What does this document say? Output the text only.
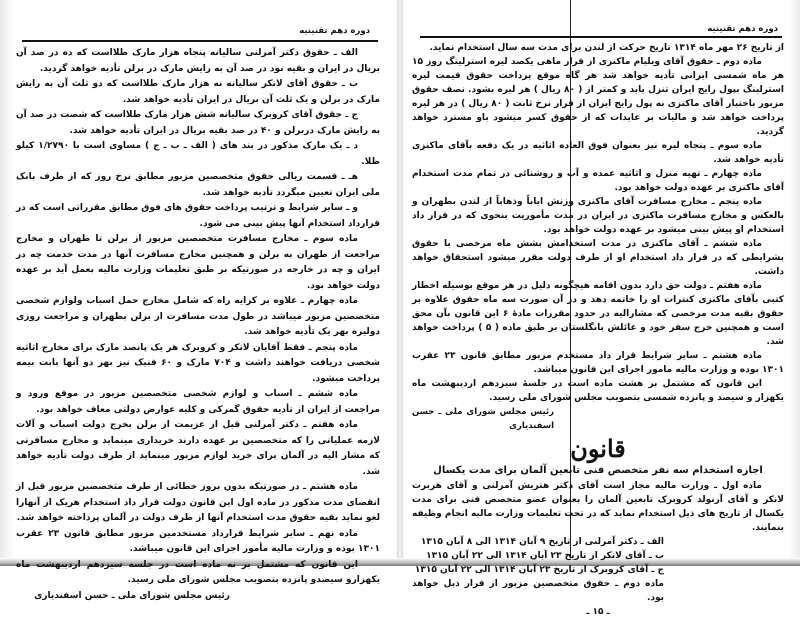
دوره دهم تقنینیه

الف ـ حقوق دکتر آمرلنی سالیانه پنجاه هزار مارک طلااست که ده در صد آن بریال در ایران و بقیه نود در صد آن به رایش مارک در برلن تأدیه خواهد گردید.

ب ـ حقوق آقای لانکر سالیانه نه هزار مارک طلااست که دو ثلث آن به رایش مارک در برلن و یک ثلث آن بریال در ایران تأدیه خواهد شد.

ج ـ حقوق آقای کروبرک سالیانه شش هزار مارک طلااست که شصت در صد آن به رایش مارک دربرلن و ۴۰ در صد بقیه بریال در ایران تأدیه خواهد شد.

د ـ یک مارک مذکور در بند های ( الف ـ ب ـ ج ) مساوی است با ۱/۲۷۹۰ کیلو طلا.

هـ ـ قسمت ریالی حقوق متخصصین مزبور مطابق نرخ روز که از طرف بانک ملی ایران تعیین میگردد تأدیه خواهد شد.

و ـ سایر شرایط و ترتیب پرداخت حقوق های فوق مطابق مقرراتی است که در قرارداد استخدام آنها پیش بینی می شود.

ماده سوم ـ مخارج مسافرت متخصصین مزبور از برلن تا طهران و مخارج مراجعت از طهران به برلن و همچنین مخارج مسافرت آنها در مدت خدمت چه در ایران و چه در خارجه در صورتیکه بر طبق تعلیمات وزارت مالیه بعمل آید بر عهده دولت خواهد بود.

ماده چهارم ـ علاوه بر کرایه راه که شامل مخارج حمل اسباب ولوازم شخصی متخصصین مزبور میباشد در طول مدت مسافرت از برلن بطهران و مراجعت روزی دولیره بهر یک تأدیه خواهد شد.

ماده پنجم ـ فقط آقایان لانکر و کروبرک هر یک پانصد مارک برای مخارج اثاثیه شخصی دریافت خواهند داشت و ۷۰۴ مارک و ۶۰ فنیک نیز بهر دو آنها بابت بیمه پرداخت میشود.

ماده ششم ـ اسباب و لوازم شخصی متخصصین مزبور در موقع ورود و مراجعت از ایران از تأدیه حقوق گمرکی و کلیه عوارض دولتی معاف خواهد بود.

ماده هفتم ـ دکتر آمرلنی قبل از عزیمت از برلن بخرج دولت اسباب و آلات لازمه عملیاتی را که متخصصین بر عهده دارند خریداری مینماید و مخارج مسافرتی که مشار الیه در آلمان برای خرید لوازم مزبور مینماید از طرف دولت تأدیه خواهد شد.

ماده هشتم ـ در صورتیکه بدون بروز خطائی از طرف متخصصین مزبور قبل از انقضای مدت مذکور در ماده اول این قانون دولت قرار داد استخدام هریک از آنهارا لغو نماید بقیه حقوق مدت استخدام آنها از طرف دولت در آلمان پرداخته خواهد شد.

ماده نهم ـ سایر شرایط قرارداد مستخدمین مزبور مطابق قانون ۲۳ عقرب ۱۳۰۱ بوده و وزارت مالیه مأمور اجرای این قانون میباشد.

این قانون که مشتمل بر نه ماده است در جلسه سیزدهم اردیبهشت ماه یکهزارو سیصدو پانزده بتصویب مجلس شورای ملی رسید.

رئیس مجلس شورای ملی ـ حسن اسفندیاری

دوره دهم تقنینیه

از تاریخ ۲۶ مهر ماه ۱۳۱۴ تاریخ حرکت از لندن برای مدت سه سال استخدام نماید.

ماده دوم ـ حقوق آقای ویلیام ماکنزی از قرار ماهی یکصد لیره استرلینگ روز ۱۵ هر ماه شمسی ایرانی تأدیه خواهد شد هر گاه موقع پرداخت حقوق قیمت لیره استرلینگ بپول رایج ایران تنزل یابد و کمتر از ( ۸۰ ریال ) هر لیره بشود. نصف حقوق مزبور باختیار آقای ماکنزی به پول رایج ایران از قرار نرخ ثابت ( ۸۰ ریال ) در هر لیره پرداخت خواهد شد و مالیات بر عایدات که از حقوق کسر میشود باو مسترد خواهد گردید.

ماده سوم ـ پنجاه لیره نیز بعنوان فوق العاده اثاثیه در یک دفعه بآقای ماکنزی تأدیه خواهد شد.

ماده چهارم ـ تهیه منزل و اثاثیه عمده و آب و روشنائی در تمام مدت استخدام آقای ماکنزی بر عهده دولت خواهد بود.

ماده پنجم ـ مخارج مسافرت آقای ماکنزی وزنش ایاباً وذهاباً از لندن بطهران و بالعکس و مخارج مسافرت ماکنزی در ایران در مدت مأموریت بنحوی که در قرار داد استخدام او پیش بینی میشود بر عهده دولت خواهد بود.

ماده ششم ـ آقای ماکنزی در مدت استخدامش بشش ماه مرخصی با حقوق بشرایطی که در قرار داد استخدام او از طرف دولت مقرر میشود استحقاق خواهد داشت.

ماده هفتم ـ دولت حق دارد بدون اقامه هیچگونه دلیل در هر موقع بوسیله اخطار کتبی بآقای ماکنزی کنترات او را خاتمه دهد و در آن صورت سه ماه حقوق علاوه بر حقوق بقیه مدت مرخصی که مشارالیه در حدود مقررات مادهٔ ۶ این قانون بآن محق است و همچنین خرج سفر خود و عائلش بانگلستان بر طبق ماده ( ۵ ) پرداخت خواهد شد.

ماده هشتم ـ سایر شرایط قرار داد مستخدم مزبور مطابق قانون ۲۳ عقرب ۱۳۰۱ بوده و وزارت مالیه مامور اجرای این قانون میباشد.

این قانون که مشتمل بر هشت ماده است در جلسهٔ سیزدهم اردیبهشت ماه یکهزار و سیصد و پانزده شمسی بتصویب مجلس شورای ملی رسید.

رئیس مجلس شورای ملی ـ حسن اسفندیاری

قانون
اجازه استخدام سه نفر متخصص فنی تابعین آلمان برای مدت یکسال

ماده اول ـ وزارت مالیه مجاز است آقای دکتر هتریش آمرلنی و آقای هربرت لانکر و آقای آرنولد کروبرک تابعین آلمان را بعنوان عضو متخصص فنی برای مدت یکسال از تاریخ های ذیل استخدام نماید که در تحت تعلیمات وزارت مالیه انجام وظیفه بنمایند.

الف ـ دکتر آمرلنی از تاریخ ۹ آبان ۱۳۱۴ الی ۸ آبان ۱۳۱۵

ب ـ آقای لانکر از تاریخ ۲۳ آبان ۱۳۱۴ الی ۲۲ آبان ۱۳۱۵

ج ـ آقای کروبرک از تاریخ ۲۳ آبان ۱۳۱۴ الی ۲۲ آبان ۱۳۱۵

ماده دوم ـ حقوق متخصصین مزبور از قرار ذیل خواهد بود.

ـ ۱۵ ـ
